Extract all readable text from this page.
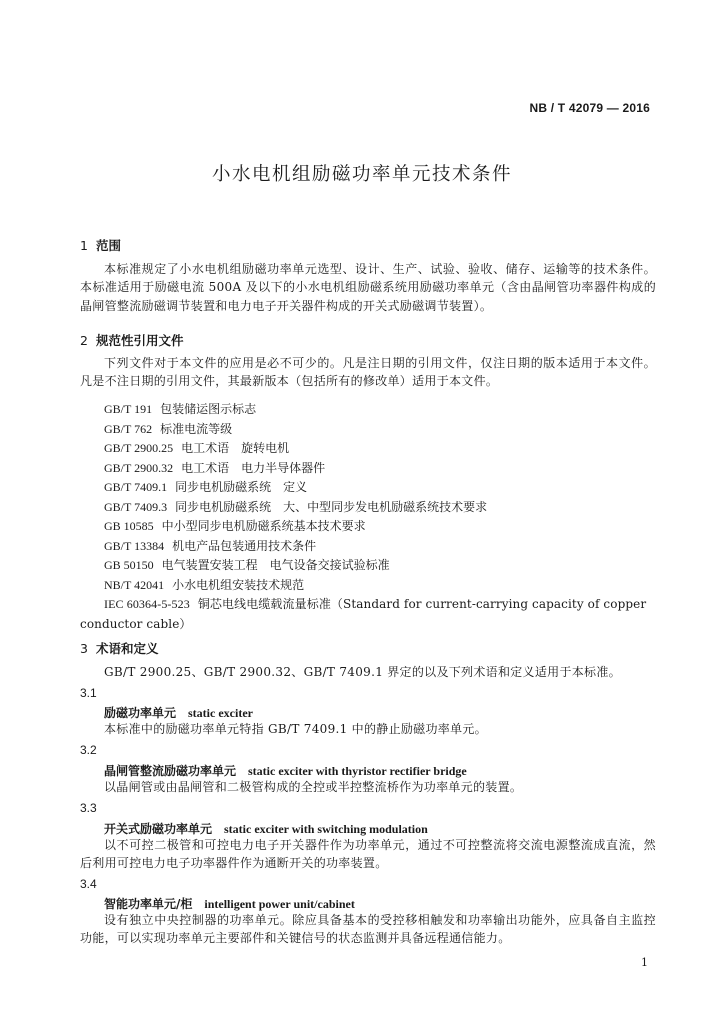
NB / T 42079 — 2016
小水电机组励磁功率单元技术条件
1 范围
本标准规定了小水电机组励磁功率单元选型、设计、生产、试验、验收、储存、运输等的技术条件。本标准适用于励磁电流 500A 及以下的小水电机组励磁系统用励磁功率单元（含由晶闸管功率器件构成的晶闸管整流励磁调节装置和电力电子开关器件构成的开关式励磁调节装置）。
2 规范性引用文件
下列文件对于本文件的应用是必不可少的。凡是注日期的引用文件，仅注日期的版本适用于本文件。凡是不注日期的引用文件，其最新版本（包括所有的修改单）适用于本文件。
GB/T 191 包装储运图示标志
GB/T 762 标准电流等级
GB/T 2900.25 电工术语　旋转电机
GB/T 2900.32 电工术语　电力半导体器件
GB/T 7409.1 同步电机励磁系统　定义
GB/T 7409.3 同步电机励磁系统　大、中型同步发电机励磁系统技术要求
GB 10585 中小型同步电机励磁系统基本技术要求
GB/T 13384 机电产品包装通用技术条件
GB 50150 电气装置安装工程　电气设备交接试验标准
NB/T 42041 小水电机组安装技术规范
IEC 60364-5-523 铜芯电线电缆载流量标准（Standard for current-carrying capacity of copper conductor cable）
3 术语和定义
GB/T 2900.25、GB/T 2900.32、GB/T 7409.1 界定的以及下列术语和定义适用于本标准。
3.1
励磁功率单元 static exciter
本标准中的励磁功率单元特指 GB/T 7409.1 中的静止励磁功率单元。
3.2
晶闸管整流励磁功率单元 static exciter with thyristor rectifier bridge
以晶闸管或由晶闸管和二极管构成的全控或半控整流桥作为功率单元的装置。
3.3
开关式励磁功率单元 static exciter with switching modulation
以不可控二极管和可控电力电子开关器件作为功率单元，通过不可控整流将交流电源整流成直流，然后利用可控电力电子功率器件作为通断开关的功率装置。
3.4
智能功率单元/柜 intelligent power unit/cabinet
设有独立中央控制器的功率单元。除应具备基本的受控移相触发和功率输出功能外，应具备自主监控功能，可以实现功率单元主要部件和关键信号的状态监测并具备远程通信能力。
1
